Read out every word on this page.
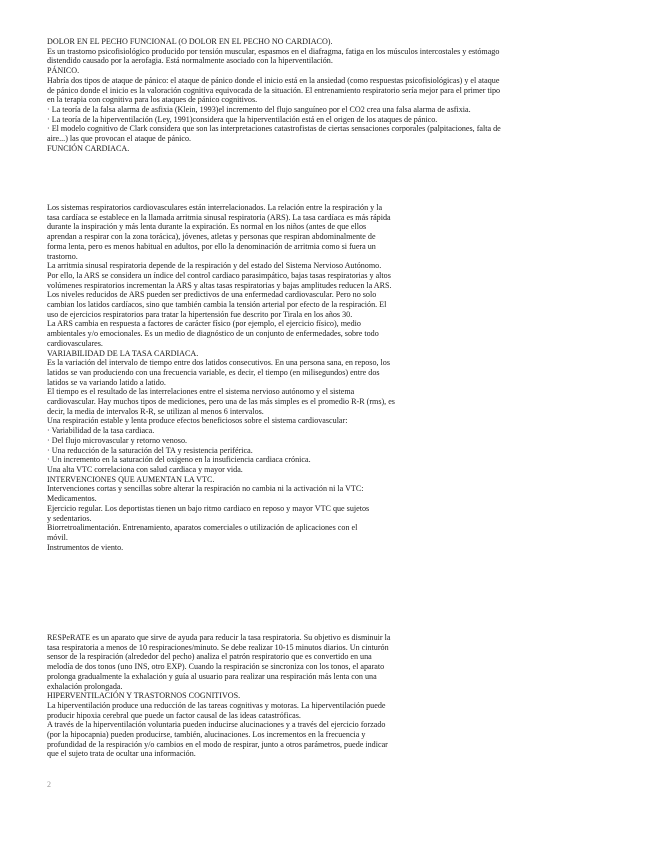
DOLOR EN EL PECHO FUNCIONAL (O DOLOR EN EL PECHO NO CARDIACO).
Es un trastorno psicofisiológico producido por tensión muscular, espasmos en el diafragma, fatiga en los músculos intercostales y estómago
distendido causado por la aerofagia. Está normalmente asociado con la hiperventilación.
PÁNICO.
Habría dos tipos de ataque de pánico: el ataque de pánico donde el inicio está en la ansiedad (como respuestas psicofisiológicas) y el ataque
de pánico donde el inicio es la valoración cognitiva equivocada de la situación. El entrenamiento respiratorio sería mejor para el primer tipo
en la terapia con cognitiva para los ataques de pánico cognitivos.
· La teoría de la falsa alarma de asfixia (Klein, 1993)el incremento del flujo sanguíneo por el CO2 crea una falsa alarma de asfixia.
· La teoría de la hiperventilación (Ley, 1991)considera que la hiperventilación está en el origen de los ataques de pánico.
· El modelo cognitivo de Clark considera que son las interpretaciones catastrofistas de ciertas sensaciones corporales (palpitaciones, falta de
aire...) las que provocan el ataque de pánico.
FUNCIÓN CARDIACA.
Los sistemas respiratorios cardiovasculares están interrelacionados. La relación entre la respiración y la
tasa cardíaca se establece en la llamada arritmia sinusal respiratoria (ARS). La tasa cardíaca es más rápida
durante la inspiración y más lenta durante la expiración. Es normal en los niños (antes de que ellos
aprendan a respirar con la zona torácica), jóvenes, atletas y personas que respiran abdominalmente de
forma lenta, pero es menos habitual en adultos, por ello la denominación de arritmia como si fuera un
trastorno.
La arritmia sinusal respiratoria depende de la respiración y del estado del Sistema Nervioso Autónomo.
Por ello, la ARS se considera un índice del control cardiaco parasimpático, bajas tasas respiratorias y altos
volúmenes respiratorios incrementan la ARS y altas tasas respiratorias y bajas amplitudes reducen la ARS.
Los niveles reducidos de ARS pueden ser predictivos de una enfermedad cardiovascular. Pero no solo
cambian los latidos cardíacos, sino que también cambia la tensión arterial por efecto de la respiración. El
uso de ejercicios respiratorios para tratar la hipertensión fue descrito por Tirala en los años 30.
La ARS cambia en respuesta a factores de carácter físico (por ejemplo, el ejercicio físico), medio
ambientales y/o emocionales. Es un medio de diagnóstico de un conjunto de enfermedades, sobre todo
cardiovasculares.
VARIABILIDAD DE LA TASA CARDIACA.
Es la variación del intervalo de tiempo entre dos latidos consecutivos. En una persona sana, en reposo, los
latidos se van produciendo con una frecuencia variable, es decir, el tiempo (en milisegundos) entre dos
latidos se va variando latido a latido.
El tiempo es el resultado de las interrelaciones entre el sistema nervioso autónomo y el sistema
cardiovascular. Hay muchos tipos de mediciones, pero una de las más simples es el promedio R-R (rms), es
decir, la media de intervalos R-R, se utilizan al menos 6 intervalos.
Una respiración estable y lenta produce efectos beneficiosos sobre el sistema cardiovascular:
· Variabilidad de la tasa cardiaca.
· Del flujo microvascular y retorno venoso.
· Una reducción de la saturación del TA y resistencia periférica.
· Un incremento en la saturación del oxígeno en la insuficiencia cardiaca crónica.
Una alta VTC correlaciona con salud cardiaca y mayor vida.
INTERVENCIONES QUE AUMENTAN LA VTC.
Intervenciones cortas y sencillas sobre alterar la respiración no cambia ni la activación ni la VTC:
Medicamentos.
Ejercicio regular. Los deportistas tienen un bajo ritmo cardiaco en reposo y mayor VTC que sujetos
y sedentarios.
Biorretroalimentación. Entrenamiento, aparatos comerciales o utilización de aplicaciones con el
móvil.
Instrumentos de viento.
RESPeRATE es un aparato que sirve de ayuda para reducir la tasa respiratoria. Su objetivo es disminuir la
tasa respiratoria a menos de 10 respiraciones/minuto. Se debe realizar 10-15 minutos diarios. Un cinturón
sensor de la respiración (alrededor del pecho) analiza el patrón respiratorio que es convertido en una
melodía de dos tonos (uno INS, otro EXP). Cuando la respiración se sincroniza con los tonos, el aparato
prolonga gradualmente la exhalación y guía al usuario para realizar una respiración más lenta con una
exhalación prolongada.
HIPERVENTILACIÓN Y TRASTORNOS COGNITIVOS.
La hiperventilación produce una reducción de las tareas cognitivas y motoras. La hiperventilación puede
producir hipoxia cerebral que puede un factor causal de las ideas catastróficas.
A través de la hiperventilación voluntaria pueden inducirse alucinaciones y a través del ejercicio forzado
(por la hipocapnia) pueden producirse, también, alucinaciones. Los incrementos en la frecuencia y
profundidad de la respiración y/o cambios en el modo de respirar, junto a otros parámetros, puede indicar
que el sujeto trata de ocultar una información.
2
